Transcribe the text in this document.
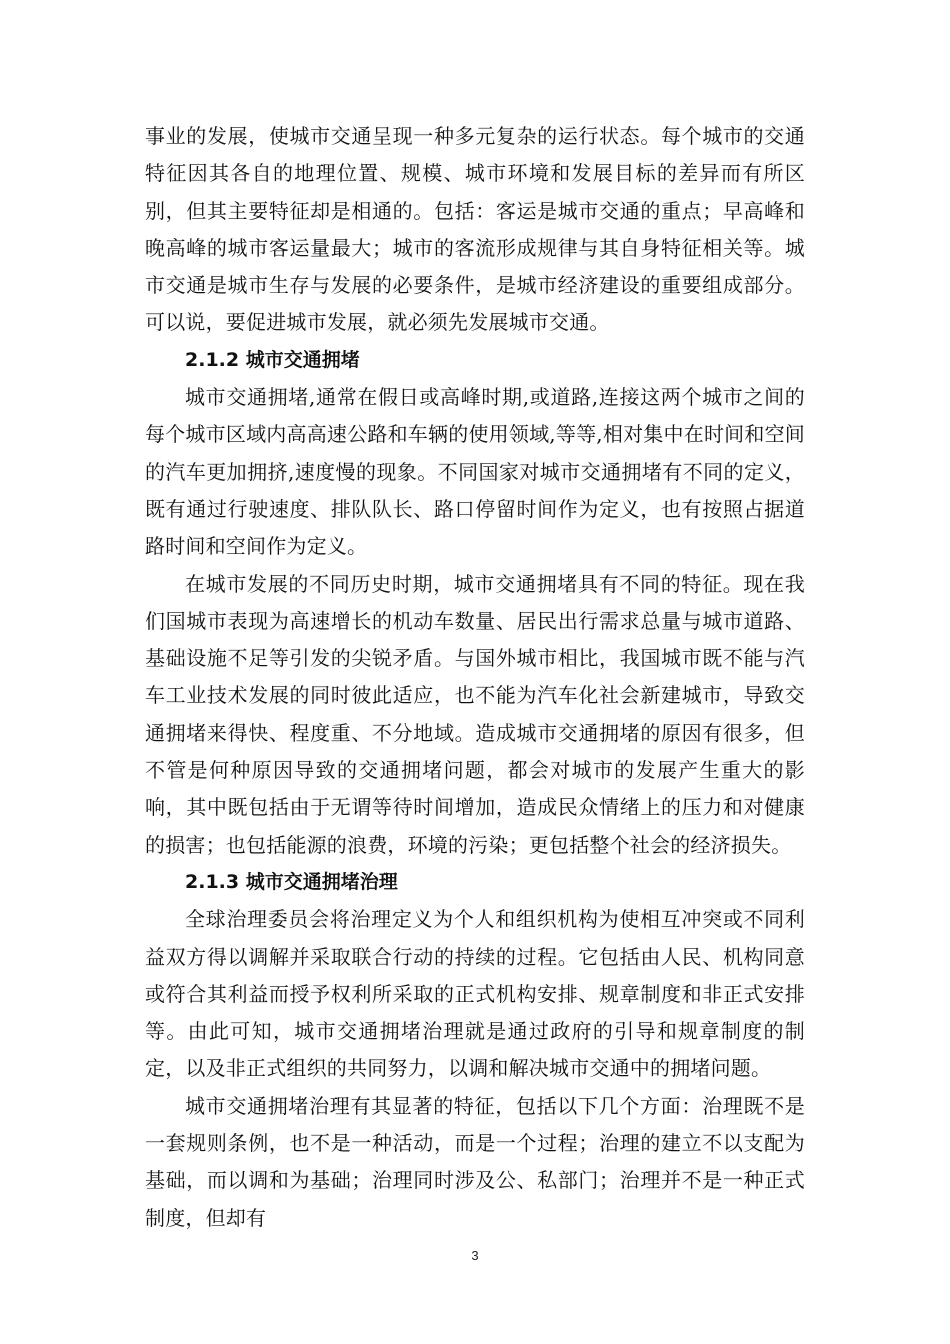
事业的发展，使城市交通呈现一种多元复杂的运行状态。每个城市的交通特征因其各自的地理位置、规模、城市环境和发展目标的差异而有所区别，但其主要特征却是相通的。包括：客运是城市交通的重点；早高峰和晚高峰的城市客运量最大；城市的客流形成规律与其自身特征相关等。城市交通是城市生存与发展的必要条件，是城市经济建设的重要组成部分。可以说，要促进城市发展，就必须先发展城市交通。

2.1.2 城市交通拥堵

城市交通拥堵,通常在假日或高峰时期,或道路,连接这两个城市之间的每个城市区域内高高速公路和车辆的使用领域,等等,相对集中在时间和空间的汽车更加拥挤,速度慢的现象。不同国家对城市交通拥堵有不同的定义，既有通过行驶速度、排队队长、路口停留时间作为定义，也有按照占据道路时间和空间作为定义。

在城市发展的不同历史时期，城市交通拥堵具有不同的特征。现在我们国城市表现为高速增长的机动车数量、居民出行需求总量与城市道路、基础设施不足等引发的尖锐矛盾。与国外城市相比，我国城市既不能与汽车工业技术发展的同时彼此适应，也不能为汽车化社会新建城市，导致交通拥堵来得快、程度重、不分地域。造成城市交通拥堵的原因有很多，但不管是何种原因导致的交通拥堵问题，都会对城市的发展产生重大的影响，其中既包括由于无谓等待时间增加，造成民众情绪上的压力和对健康的损害；也包括能源的浪费，环境的污染；更包括整个社会的经济损失。

2.1.3 城市交通拥堵治理

全球治理委员会将治理定义为个人和组织机构为使相互冲突或不同利益双方得以调解并采取联合行动的持续的过程。它包括由人民、机构同意或符合其利益而授予权利所采取的正式机构安排、规章制度和非正式安排等。由此可知，城市交通拥堵治理就是通过政府的引导和规章制度的制定，以及非正式组织的共同努力，以调和解决城市交通中的拥堵问题。

城市交通拥堵治理有其显著的特征，包括以下几个方面：治理既不是一套规则条例，也不是一种活动，而是一个过程；治理的建立不以支配为基础，而以调和为基础；治理同时涉及公、私部门；治理并不是一种正式制度，但却有

3
